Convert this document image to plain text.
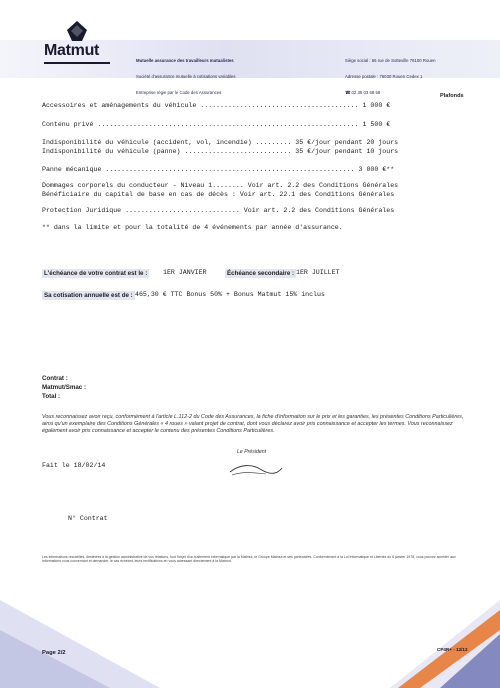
Matmut

Mutuelle assurance des travailleurs mutualistes

Société d'assurance mutuelle à cotisations variables

Entreprise régie par le Code des Assurances

Siège social : 66 rue de Sotteville 76100 Rouen

Adresse postale : 76030 Rouen Cedex 1

☎ 02 35 03 68 68

Plafonds
Accessoires et aménagements du véhicule ........................................ 1 000 €
Contenu privé .................................................................. 1 500 €
Indisponibilité du véhicule (accident, vol, incendie) ......... 35 €/jour pendant 20 jours
Indisponibilité du véhicule (panne) ........................... 35 €/jour pendant 10 jours
Panne mécanique ............................................................... 3 000 €**
Dommages corporels du conducteur - Niveau 1........ Voir art. 2.2 des Conditions Générales
Bénéficiaire du capital de base en cas de décès : Voir art. 22.1 des Conditions Générales
Protection Juridique ............................. Voir art. 2.2 des Conditions Générales
** dans la limite et pour la totalité de 4 événements par année d'assurance.
L'échéance de votre contrat est le :	1ER JANVIER	Échéance secondaire : 1ER JUILLET
Sa cotisation annuelle est de : 465,30 € TTC Bonus 50% + Bonus Matmut 15% inclus
Contrat :
Matmut/Smac :
Total :
Vous reconnaissez avoir reçu, conformément à l'article L.112-2 du Code des Assurances, la fiche d'information sur le prix et les garanties, les présentes Conditions Particulières, ainsi qu'un exemplaire des Conditions Générales « 4 roues » valant projet de contrat, dont vous déclarez avoir pris connaissance et accepter les termes. Vous reconnaissez également avoir pris connaissance et accepter le contenu des présentes Conditions Particulières.
Le Président
Fait le 18/02/14
N° Contrat
Les informations recueillies, destinées à la gestion administrative de vos relations, font l'objet d'un traitement informatique par la Matmut, le Groupe Matmut et ses partenaires. Conformément à la Loi Informatique et Libertés du 6 janvier 1978, vous pouvez accéder aux informations vous concernant et demander, le cas échéant, leurs rectifications en vous adressant directement à la Matmut.
Page 2/2
CP4R+ - 12/12
